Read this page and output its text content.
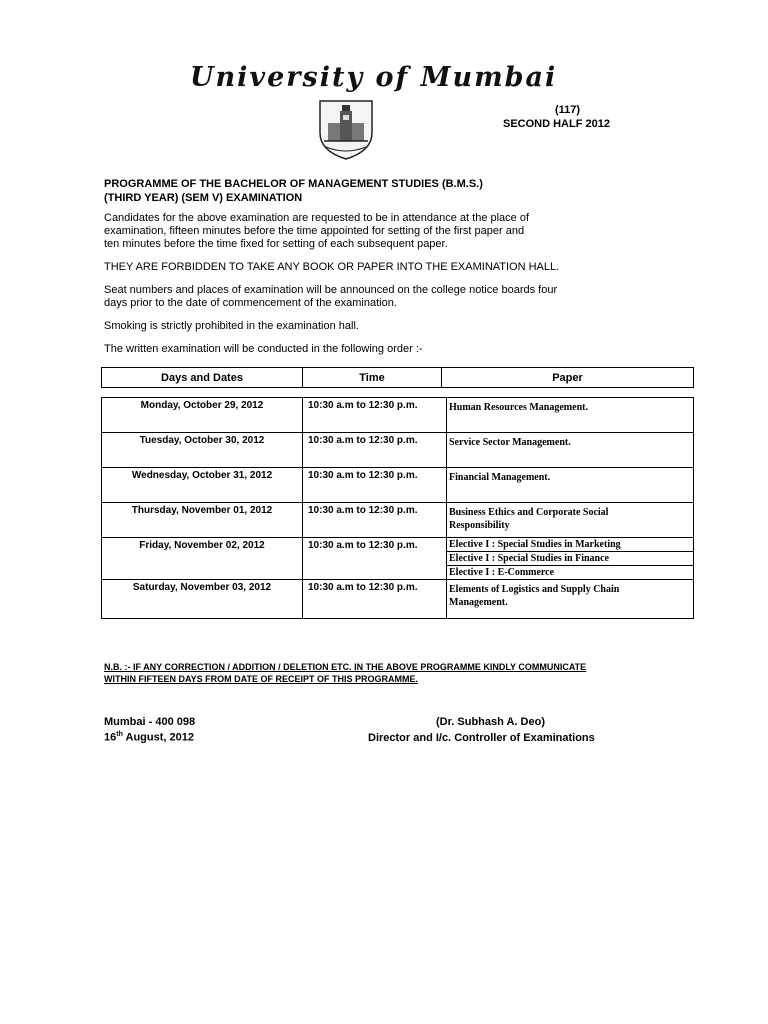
University of Mumbai
(117)
SECOND HALF 2012
PROGRAMME OF THE BACHELOR OF MANAGEMENT STUDIES (B.M.S.)
(THIRD YEAR) (SEM V) EXAMINATION
Candidates for the above examination are requested to be in attendance at the place of
examination, fifteen minutes before the time appointed for setting of the first paper and
ten minutes before the time fixed for setting of each subsequent paper.
THEY ARE FORBIDDEN TO TAKE ANY BOOK OR PAPER INTO THE EXAMINATION HALL.
Seat numbers and places of examination will be announced on the college notice boards four
days prior to the date of commencement of the examination.
Smoking is strictly prohibited in the examination hall.
The written examination will be conducted in the following order :-
Days and Dates	Time	Paper
Monday, October 29, 2012	10:30 a.m to 12:30 p.m.	Human Resources Management.
Tuesday, October 30, 2012	10:30 a.m to 12:30 p.m.	Service Sector Management.
Wednesday, October 31, 2012	10:30 a.m to 12:30 p.m.	Financial Management.
Thursday, November 01, 2012	10:30 a.m to 12:30 p.m.	Business Ethics and Corporate Social
Responsibility

Friday, November 02, 2012	10:30 a.m to 12:30 p.m.	Elective I : Special Studies in Marketing
		Elective I : Special Studies in Finance
		Elective I : E-Commerce
Saturday, November 03, 2012	10:30 a.m to 12:30 p.m.	Elements of Logistics and Supply Chain
Management.
N.B. :- IF ANY CORRECTION / ADDITION / DELETION ETC. IN THE ABOVE PROGRAMME KINDLY COMMUNICATE
WITHIN FIFTEEN DAYS FROM DATE OF RECEIPT OF THIS PROGRAMME.
Mumbai - 400 098
16th August, 2012
(Dr. Subhash A. Deo)
Director and I/c. Controller of Examinations
